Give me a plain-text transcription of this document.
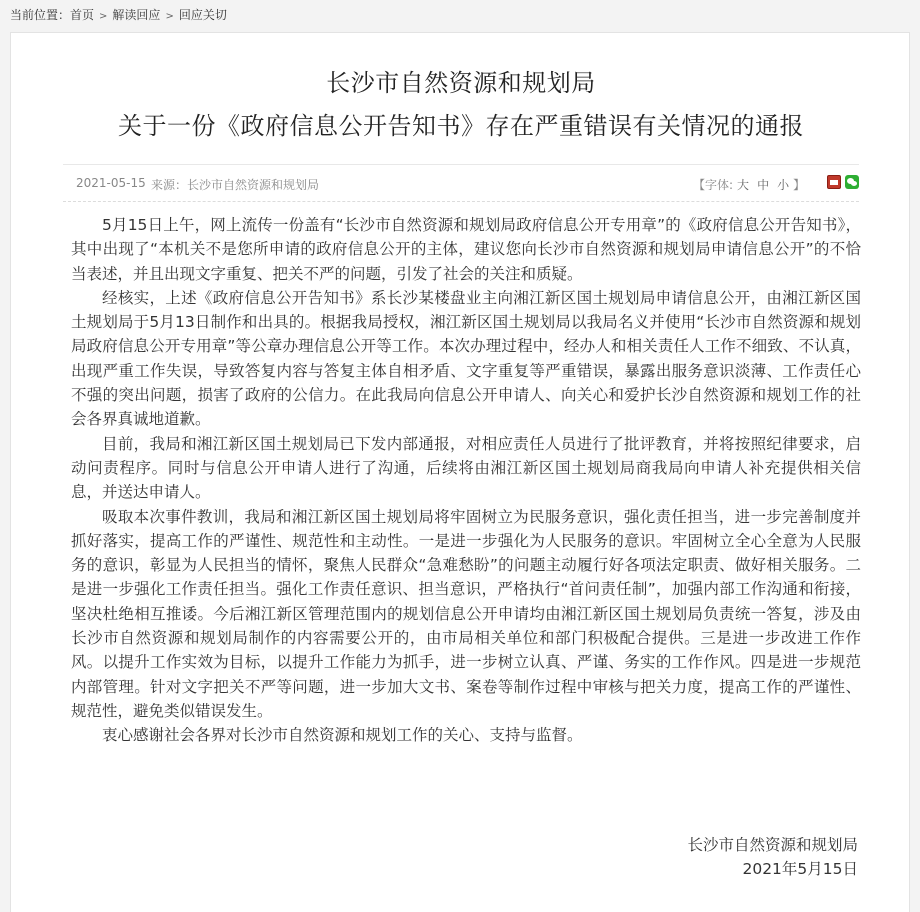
当前位置：首页 > 解读回应 > 回应关切
长沙市自然资源和规划局
关于一份《政府信息公开告知书》存在严重错误有关情况的通报
2021-05-15 来源：长沙市自然资源和规划局	【字体: 大 中 小 】

5月15日上午，网上流传一份盖有“长沙市自然资源和规划局政府信息公开专用章”的《政府信息公开告知书》，其中出现了“本机关不是您所申请的政府信息公开的主体，建议您向长沙市自然资源和规划局申请信息公开”的不恰当表述，并且出现文字重复、把关不严的问题，引发了社会的关注和质疑。

经核实，上述《政府信息公开告知书》系长沙某楼盘业主向湘江新区国土规划局申请信息公开，由湘江新区国土规划局于5月13日制作和出具的。根据我局授权，湘江新区国土规划局以我局名义并使用“长沙市自然资源和规划局政府信息公开专用章”等公章办理信息公开等工作。本次办理过程中，经办人和相关责任人工作不细致、不认真，出现严重工作失误，导致答复内容与答复主体自相矛盾、文字重复等严重错误，暴露出服务意识淡薄、工作责任心不强的突出问题，损害了政府的公信力。在此我局向信息公开申请人、向关心和爱护长沙自然资源和规划工作的社会各界真诚地道歉。

目前，我局和湘江新区国土规划局已下发内部通报，对相应责任人员进行了批评教育，并将按照纪律要求，启动问责程序。同时与信息公开申请人进行了沟通，后续将由湘江新区国土规划局商我局向申请人补充提供相关信息，并送达申请人。

吸取本次事件教训，我局和湘江新区国土规划局将牢固树立为民服务意识，强化责任担当，进一步完善制度并抓好落实，提高工作的严谨性、规范性和主动性。一是进一步强化为人民服务的意识。牢固树立全心全意为人民服务的意识，彰显为人民担当的情怀，聚焦人民群众“急难愁盼”的问题主动履行好各项法定职责、做好相关服务。二是进一步强化工作责任担当。强化工作责任意识、担当意识，严格执行“首问责任制”，加强内部工作沟通和衔接，坚决杜绝相互推诿。今后湘江新区管理范围内的规划信息公开申请均由湘江新区国土规划局负责统一答复，涉及由长沙市自然资源和规划局制作的内容需要公开的，由市局相关单位和部门积极配合提供。三是进一步改进工作作风。以提升工作实效为目标，以提升工作能力为抓手，进一步树立认真、严谨、务实的工作作风。四是进一步规范内部管理。针对文字把关不严等问题，进一步加大文书、案卷等制作过程中审核与把关力度，提高工作的严谨性、规范性，避免类似错误发生。

衷心感谢社会各界对长沙市自然资源和规划工作的关心、支持与监督。

长沙市自然资源和规划局
2021年5月15日
